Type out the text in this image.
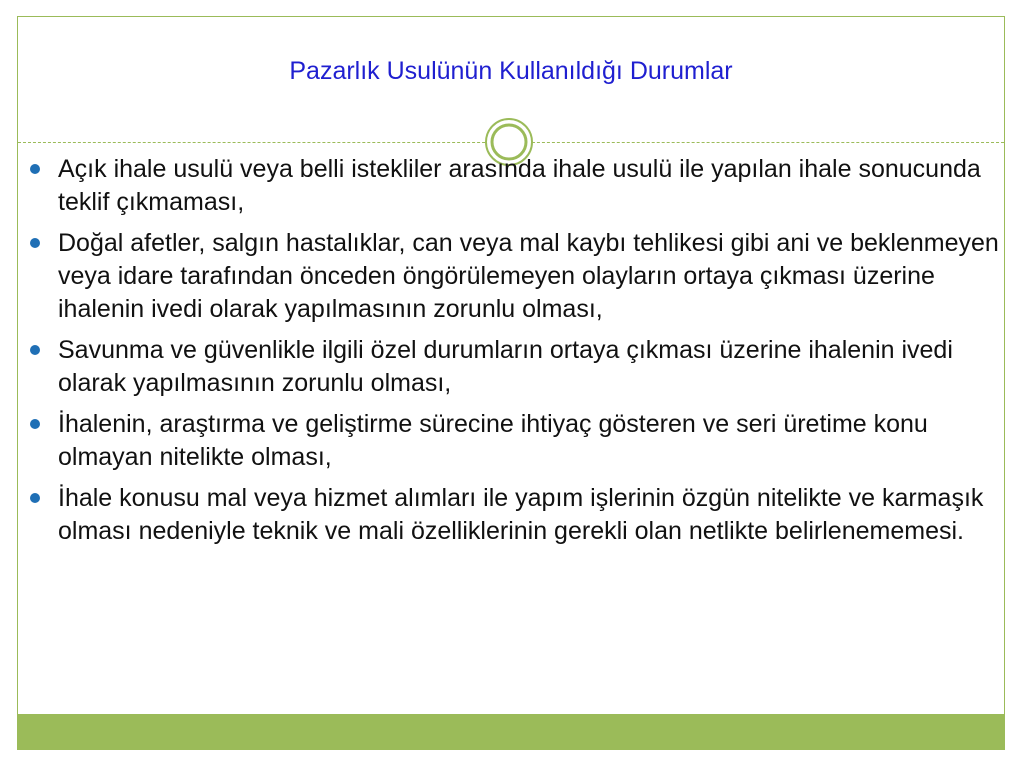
Pazarlık Usulünün Kullanıldığı Durumlar
Açık ihale usulü veya belli istekliler arasında ihale usulü ile yapılan ihale sonucunda teklif çıkmaması,
Doğal afetler, salgın hastalıklar, can veya mal kaybı tehlikesi gibi ani ve beklenmeyen veya idare tarafından önceden öngörülemeyen olayların ortaya çıkması üzerine ihalenin ivedi olarak yapılmasının zorunlu olması,
Savunma ve güvenlikle ilgili özel durumların ortaya çıkması üzerine ihalenin ivedi olarak yapılmasının zorunlu olması,
İhalenin, araştırma ve geliştirme sürecine ihtiyaç gösteren ve seri üretime konu olmayan nitelikte olması,
İhale konusu mal veya hizmet alımları ile yapım işlerinin özgün nitelikte ve karmaşık olması nedeniyle teknik ve mali özelliklerinin gerekli olan netlikte belirlenememesi.
